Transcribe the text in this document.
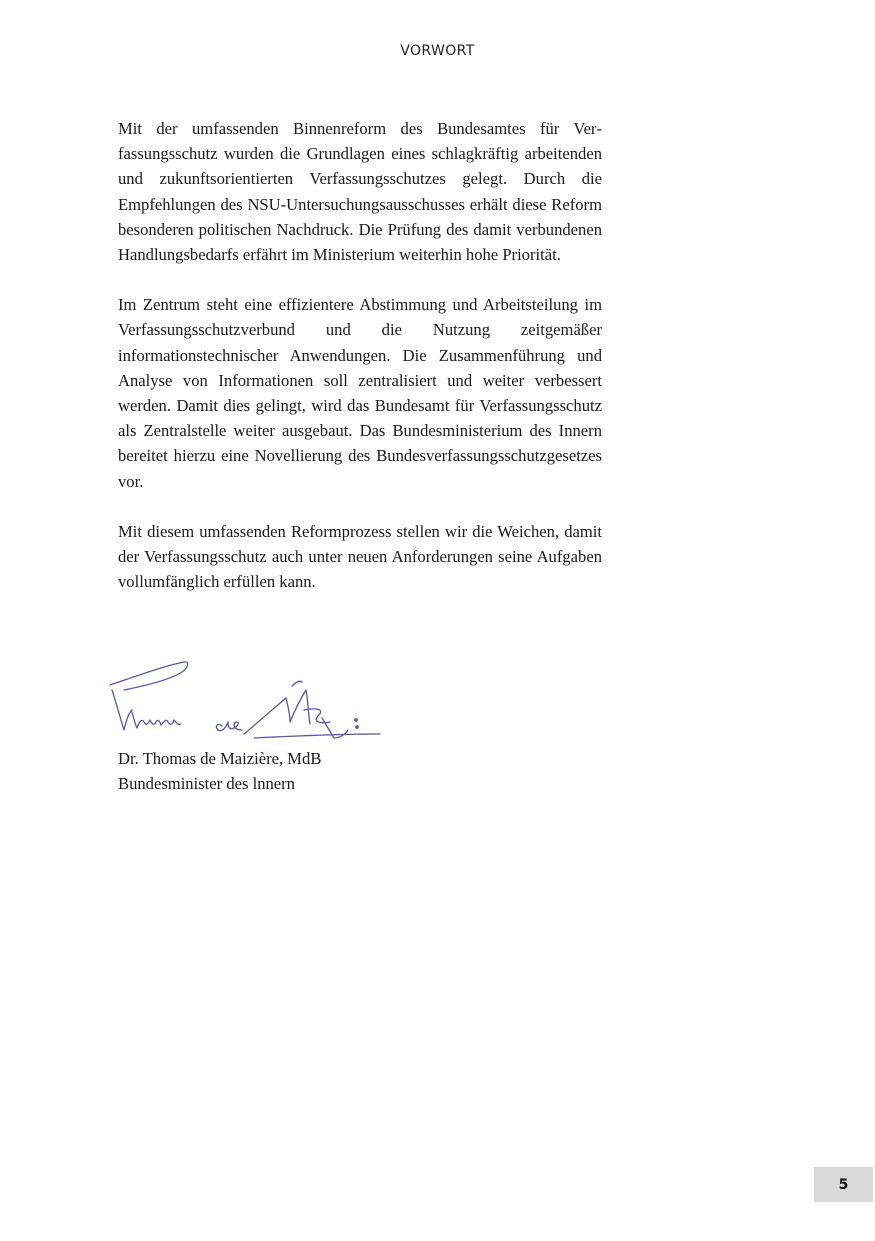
VORWORT

Mit der umfassenden Binnenreform des Bundesamtes für Verfassungsschutz wurden die Grundlagen eines schlagkräftig arbeitenden und zukunftsorientierten Verfassungsschutzes gelegt. Durch die Empfehlungen des NSU-Untersuchungsausschusses erhält diese Reform besonderen politischen Nachdruck. Die Prüfung des damit verbundenen Handlungsbedarfs erfährt im Ministerium weiterhin hohe Priorität.

Im Zentrum steht eine effizientere Abstimmung und Arbeitsteilung im Verfassungsschutzverbund und die Nutzung zeitgemäßer informationstechnischer Anwendungen. Die Zusammenführung und Analyse von Informationen soll zentralisiert und weiter verbessert werden. Damit dies gelingt, wird das Bundesamt für Verfassungsschutz als Zentralstelle weiter ausgebaut. Das Bundesministerium des Innern bereitet hierzu eine Novellierung des Bundesverfassungsschutzgesetzes vor.

Mit diesem umfassenden Reformprozess stellen wir die Weichen, damit der Verfassungsschutz auch unter neuen Anforderungen seine Aufgaben vollumfänglich erfüllen kann.

Dr. Thomas de Maizière, MdB
Bundesminister des lnnern
5
